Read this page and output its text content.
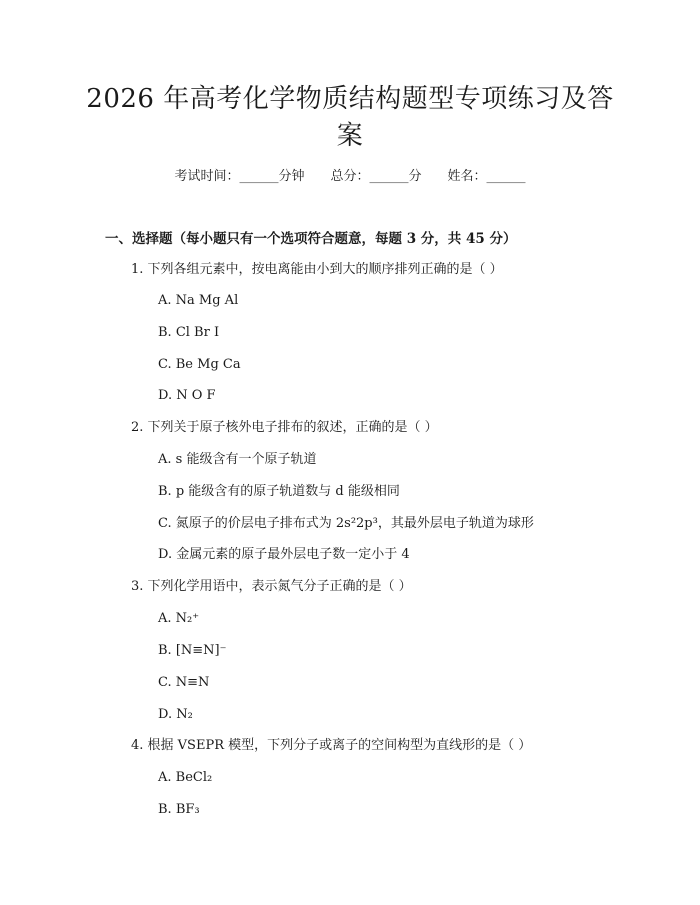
2026 年高考化学物质结构题型专项练习及答
案
考试时间：______分钟 总分：______分 姓名：______
一、选择题（每小题只有一个选项符合题意，每题 3 分，共 45 分）
1. 下列各组元素中，按电离能由小到大的顺序排列正确的是（ ）
A. Na Mg Al
B. Cl Br I
C. Be Mg Ca
D. N O F
2. 下列关于原子核外电子排布的叙述，正确的是（ ）
A. s 能级含有一个原子轨道
B. p 能级含有的原子轨道数与 d 能级相同
C. 氮原子的价层电子排布式为 2s²2p³，其最外层电子轨道为球形
D. 金属元素的原子最外层电子数一定小于 4
3. 下列化学用语中，表示氮气分子正确的是（ ）
A. N₂⁺
B. [N≡N]⁻
C. N≡N
D. N₂
4. 根据 VSEPR 模型，下列分子或离子的空间构型为直线形的是（ ）
A. BeCl₂
B. BF₃
